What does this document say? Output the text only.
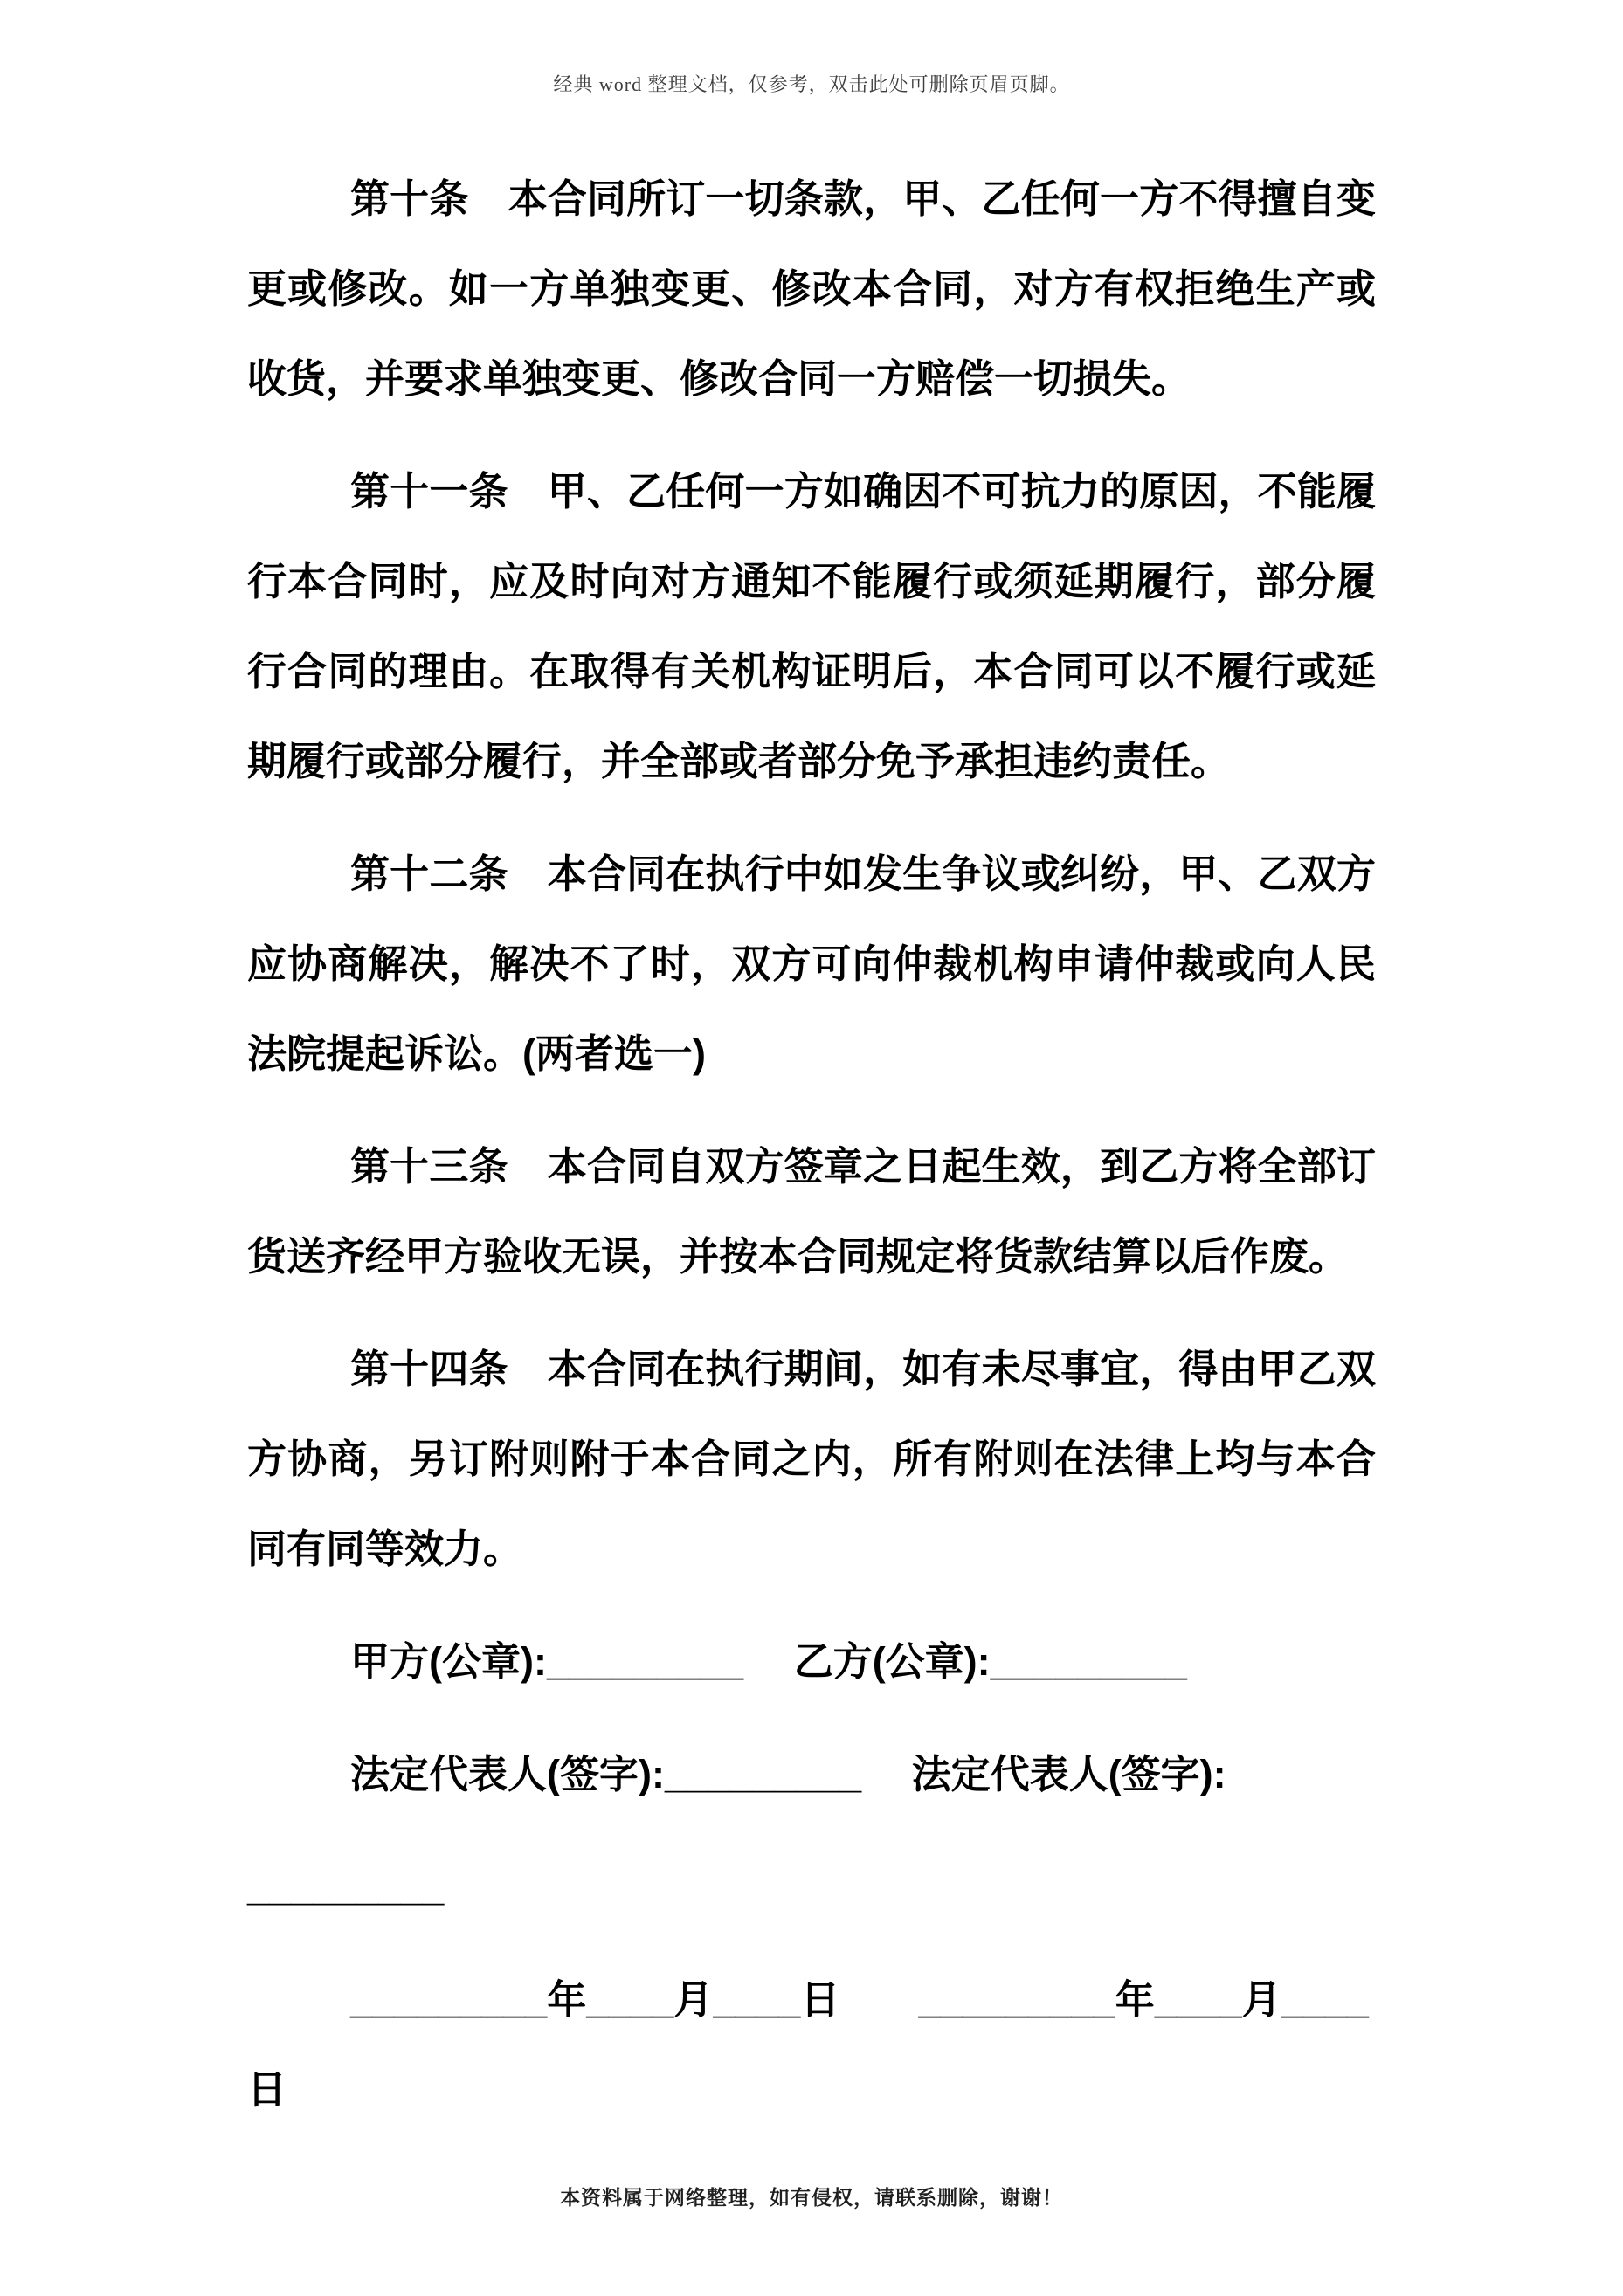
经典 word 整理文档，仅参考，双击此处可删除页眉页脚。

第十条　本合同所订一切条款，甲、乙任何一方不得擅自变更或修改。如一方单独变更、修改本合同，对方有权拒绝生产或收货，并要求单独变更、修改合同一方赔偿一切损失。

第十一条　甲、乙任何一方如确因不可抗力的原因，不能履行本合同时，应及时向对方通知不能履行或须延期履行，部分履行合同的理由。在取得有关机构证明后，本合同可以不履行或延期履行或部分履行，并全部或者部分免予承担违约责任。

第十二条　本合同在执行中如发生争议或纠纷，甲、乙双方应协商解决，解决不了时，双方可向仲裁机构申请仲裁或向人民法院提起诉讼。(两者选一)

第十三条　本合同自双方签章之日起生效，到乙方将全部订货送齐经甲方验收无误，并按本合同规定将货款结算以后作废。

第十四条　本合同在执行期间，如有未尽事宜，得由甲乙双方协商，另订附则附于本合同之内，所有附则在法律上均与本合同有同等效力。

甲方(公章):_________　 乙方(公章):_________

法定代表人(签字):_________　 法定代表人(签字):

_________

_________年____月____日　　_________年____月____日

本资料属于网络整理，如有侵权，请联系删除，谢谢！
